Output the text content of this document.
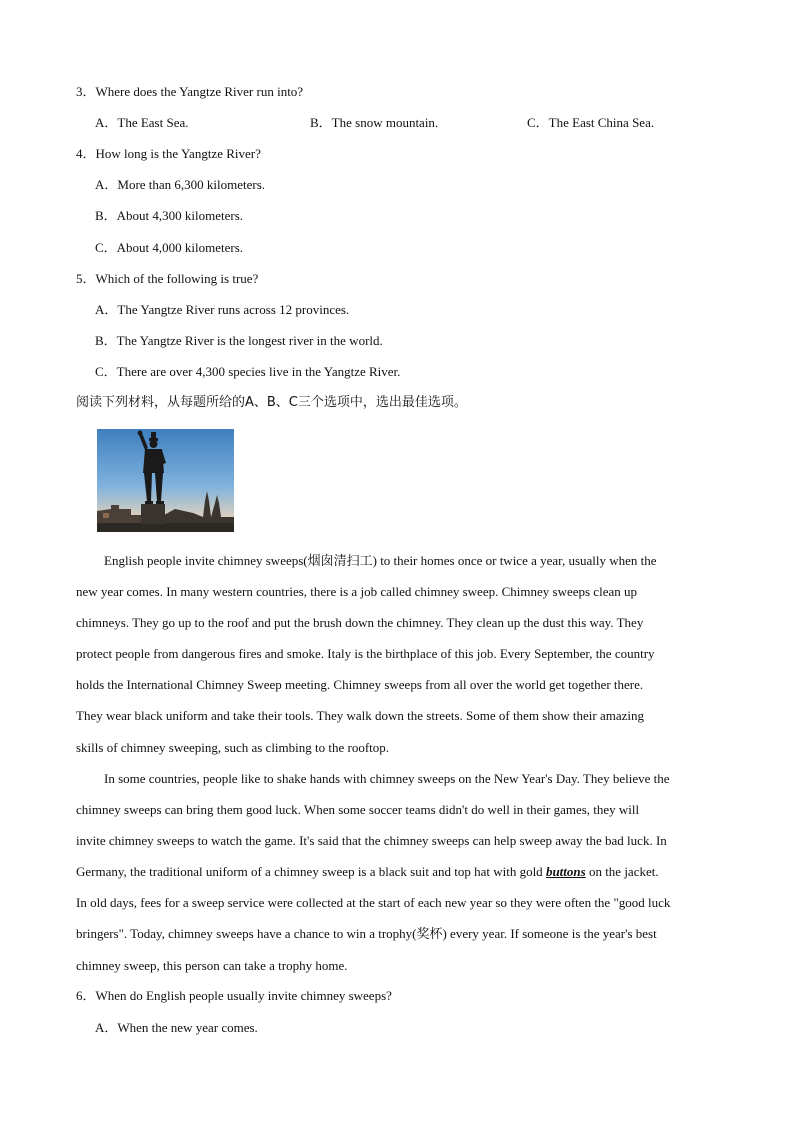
3．Where does the Yangtze River run into?
A．The East Sea.	B．The snow mountain.	C．The East China Sea.
4．How long is the Yangtze River?
A．More than 6,300 kilometers.
B．About 4,300 kilometers.
C．About 4,000 kilometers.
5．Which of the following is true?
A．The Yangtze River runs across 12 provinces.
B．The Yangtze River is the longest river in the world.
C．There are over 4,300 species live in the Yangtze River.
阅读下列材料，从每题所给的A、B、C三个选项中，选出最佳选项。
English people invite chimney sweeps(烟囱清扫工) to their homes once or twice a year, usually when the
new year comes. In many western countries, there is a job called chimney sweep. Chimney sweeps clean up
chimneys. They go up to the roof and put the brush down the chimney. They clean up the dust this way. They
protect people from dangerous fires and smoke. Italy is the birthplace of this job. Every September, the country
holds the International Chimney Sweep meeting. Chimney sweeps from all over the world get together there.
They wear black uniform and take their tools. They walk down the streets. Some of them show their amazing
skills of chimney sweeping, such as climbing to the rooftop.
In some countries, people like to shake hands with chimney sweeps on the New Year's Day. They believe the
chimney sweeps can bring them good luck. When some soccer teams didn't do well in their games, they will
invite chimney sweeps to watch the game. It's said that the chimney sweeps can help sweep away the bad luck. In
Germany, the traditional uniform of a chimney sweep is a black suit and top hat with gold buttons on the jacket.
In old days, fees for a sweep service were collected at the start of each new year so they were often the "good luck
bringers". Today, chimney sweeps have a chance to win a trophy(奖杯) every year. If someone is the year's best
chimney sweep, this person can take a trophy home.
6．When do English people usually invite chimney sweeps?
A．When the new year comes.
